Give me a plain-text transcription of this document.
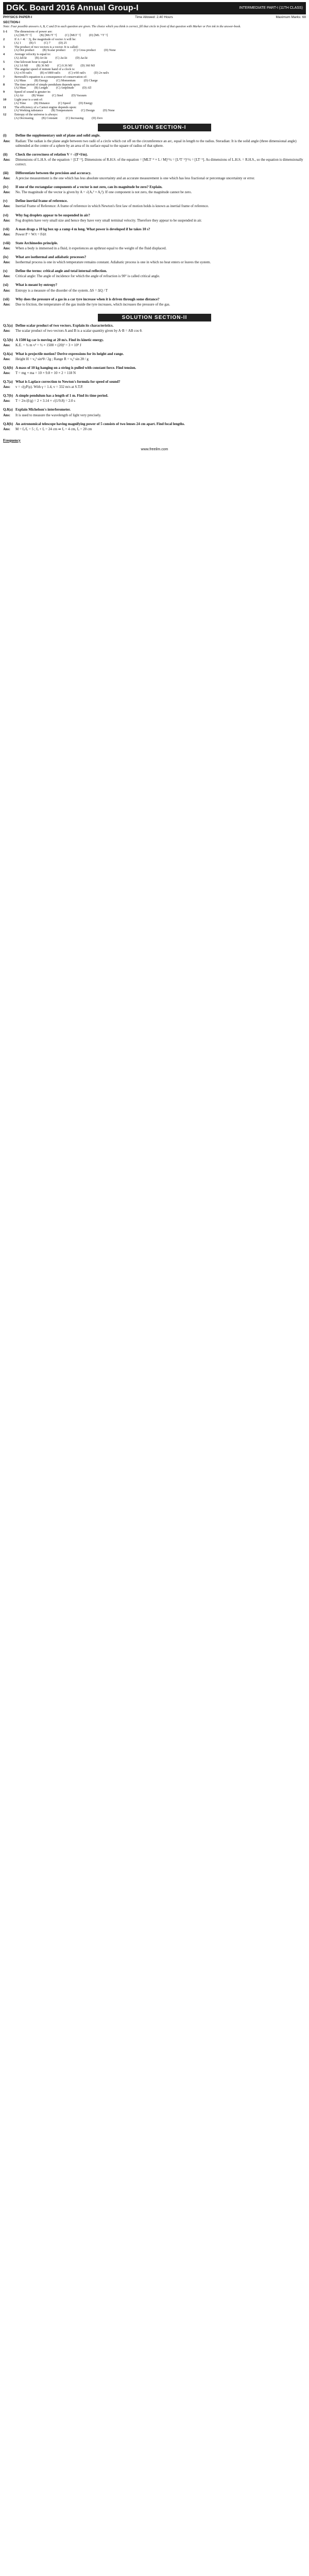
DGK. Board 2016 Annual Group-I	INTERMEDIATE PART-I (11TH CLASS)
PHYSICS PAPER-I	Time Allowed: 2.40 Hours	Maximum Marks: 68
SECTION-I
Note: Four possible answers A, B, C and D to each question are given. The choice which you think is correct, fill that circle in front of that question with Marker or Pen ink in the answer-book.
1-1	The dimensions of power are:
(A) [ML²T⁻²]	(B) [ML²T⁻³]	(C) [MLT⁻²]	(D) [ML⁻¹T⁻²]
2	If A = 4i − 3j, the magnitude of vector A will be:
(A) 1	(B) 5	(C) 7	(D) 25
3	The product of two vectors is a vector. It is called:
(A) Dot product	(B) Scalar product	(C) Cross product	(D) None
4	Average velocity is equal to:
(A) Δd/Δt	(B) Δv/Δt	(C) Δs/Δt	(D) Δa/Δt
5	One kilowatt hour is equal to:
(A) 3.6 MJ	(B) 36 MJ	(C) 0.36 MJ	(D) 360 MJ
6	The angular speed of minute hand of a clock is:
(A) π/30 rad/s	(B) π/1800 rad/s	(C) π/60 rad/s	(D) 2π rad/s
7	Bernoulli's equation is a consequence of conservation of:
(A) Mass	(B) Energy	(C) Momentum	(D) Charge
8	The time period of simple pendulum depends upon:
(A) Mass	(B) Length	(C) Amplitude	(D) All
9	Speed of sound is greater in:
(A) Air	(B) Water	(C) Steel	(D) Vacuum
10	Light year is a unit of:
(A) Time	(B) Distance	(C) Speed	(D) Energy
11	The efficiency of a Carnot engine depends upon:
(A) Working substance	(B) Temperatures	(C) Design	(D) None
12	Entropy of the universe is always:
(A) Decreasing	(B) Constant	(C) Increasing	(D) Zero
SOLUTION SECTION-I
(i)	Define the supplementary unit of plane and solid angle.
Ans:	Radian: The radian is the plane angle between two radii of a circle which cut off on the circumference an arc, equal in length to the radius. Steradian: It is the solid angle (three dimensional angle) subtended at the centre of a sphere by an area of its surface equal to the square of radius of that sphere.
(ii)	Check the correctness of relation V = √(F×l/m).
Ans:	Dimensions of L.H.S. of the equation = [LT⁻¹]. Dimensions of R.H.S. of the equation = [MLT⁻² × L / M]^½ = [L²T⁻²]^½ = [LT⁻¹]. As dimensions of L.H.S. = R.H.S., so the equation is dimensionally correct.
(iii)	Differentiate between the precision and accuracy.
Ans:	A precise measurement is the one which has less absolute uncertainty and an accurate measurement is one which has less fractional or percentage uncertainty or error.
(iv)	If one of the rectangular components of a vector is not zero, can its magnitude be zero? Explain.
Ans:	No. The magnitude of the vector is given by A = √(Aₓ² + Aᵧ²). If one component is not zero, the magnitude cannot be zero.
(v)	Define inertial frame of reference.
Ans:	Inertial Frame of Reference: A frame of reference in which Newton's first law of motion holds is known as inertial frame of reference.
(vi)	Why fog droplets appear to be suspended in air?
Ans:	Fog droplets have very small size and hence they have very small terminal velocity. Therefore they appear to be suspended in air.
(vii)	A man drags a 10 kg box up a ramp 4 m long. What power is developed if he takes 10 s?
Ans:	Power P = W/t = Fd/t
(viii)	State Archimedes principle.
Ans:	When a body is immersed in a fluid, it experiences an upthrust equal to the weight of the fluid displaced.
(ix)	What are isothermal and adiabatic processes?
Ans:	Isothermal process is one in which temperature remains constant. Adiabatic process is one in which no heat enters or leaves the system.
(x)	Define the terms: critical angle and total internal reflection.
Ans:	Critical angle: The angle of incidence for which the angle of refraction is 90° is called critical angle.
(xi)	What is meant by entropy?
Ans:	Entropy is a measure of the disorder of the system. ΔS = ΔQ / T
(xii)	Why does the pressure of a gas in a car tyre increase when it is driven through some distance?
Ans:	Due to friction, the temperature of the gas inside the tyre increases, which increases the pressure of the gas.
SOLUTION SECTION-II
Q.5(a) Define scalar product of two vectors. Explain its characteristics.
Ans:	The scalar product of two vectors A and B is a scalar quantity given by A·B = AB cos θ.
Q.5(b) A 1500 kg car is moving at 20 m/s. Find its kinetic energy.
Ans:	K.E. = ½ m v² = ½ × 1500 × (20)² = 3 × 10⁵ J
Q.6(a) What is projectile motion? Derive expressions for its height and range.
Ans:	Height H = v₀² sin²θ / 2g ; Range R = v₀² sin 2θ / g
Q.6(b) A mass of 10 kg hanging on a string is pulled with constant force. Find tension.
Ans:	T = mg + ma = 10 × 9.8 + 10 × 2 = 118 N
Q.7(a) What is Laplace correction to Newton's formula for speed of sound?
Ans:	v = √(γP/ρ). With γ = 1.4, v = 332 m/s at S.T.P.
Q.7(b) A simple pendulum has a length of 1 m. Find its time period.
Ans:	T = 2π√(l/g) = 2 × 3.14 × √(1/9.8) = 2.0 s
Q.8(a) Explain Michelson's interferometer.
Ans:	It is used to measure the wavelength of light very precisely.
Q.8(b) An astronomical telescope having magnifying power of 5 consists of two lenses 24 cm apart. Find focal lengths.
Ans:	M = fₒ/fₑ = 5 ; fₒ + fₑ = 24 cm ⇒ fₑ = 4 cm, fₒ = 20 cm
Frequency
www.freeilm.com
